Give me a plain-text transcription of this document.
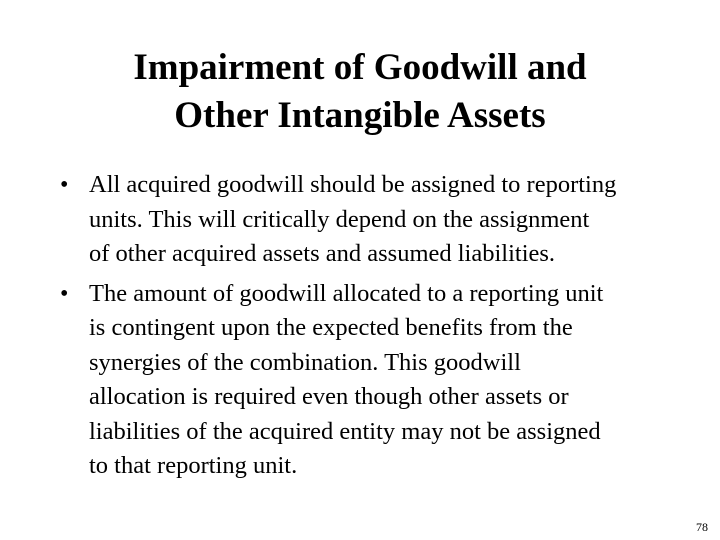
Impairment of Goodwill and
Other Intangible Assets
• All acquired goodwill should be assigned to reporting
units. This will critically depend on the assignment
of other acquired assets and assumed liabilities.
• The amount of goodwill allocated to a reporting unit
is contingent upon the expected benefits from the
synergies of the combination. This goodwill
allocation is required even though other assets or
liabilities of the acquired entity may not be assigned
to that reporting unit.
78
